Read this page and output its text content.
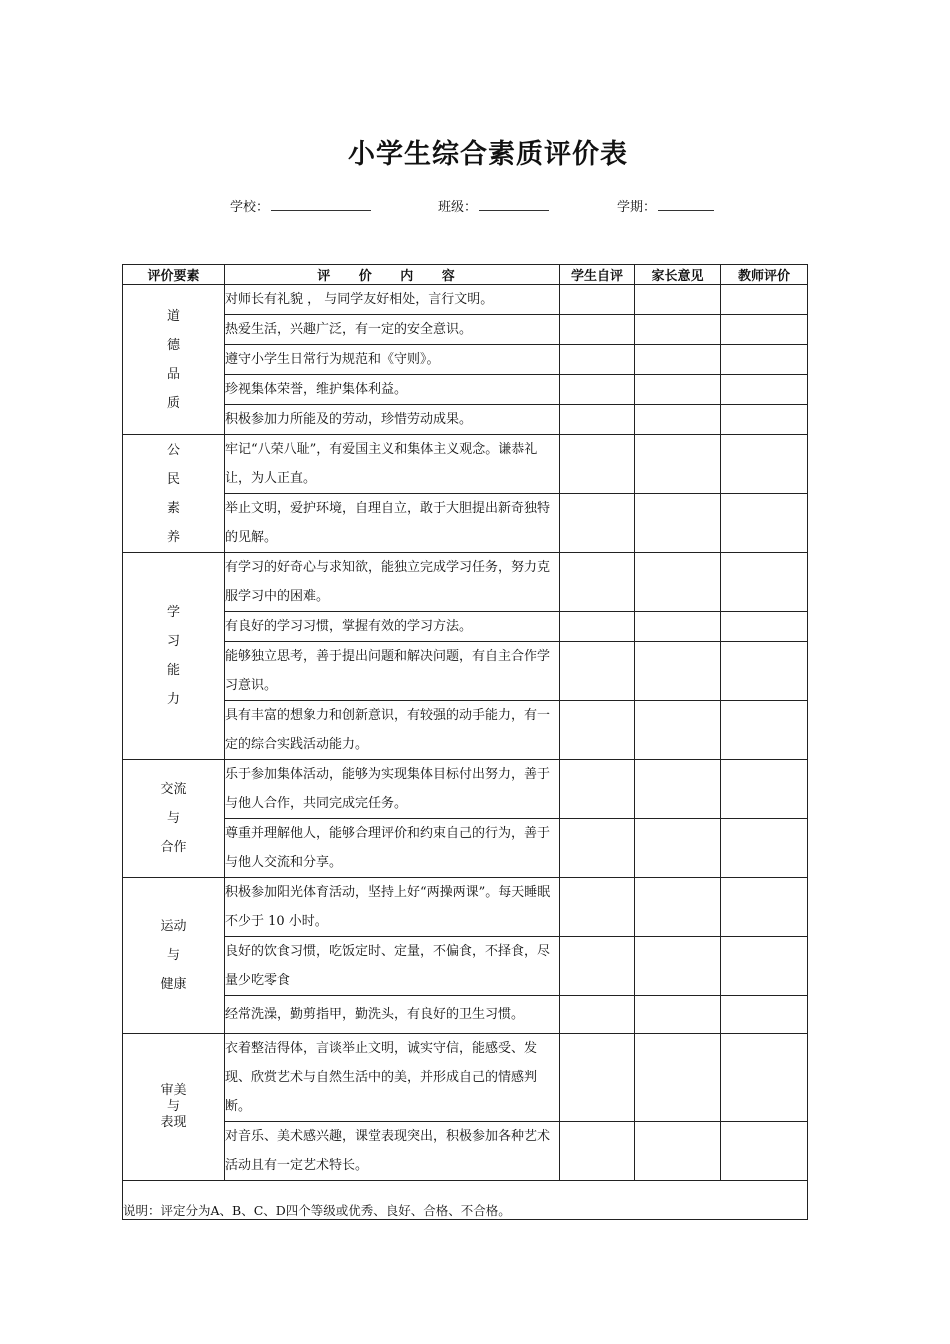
小学生综合素质评价表
学校：	班级：	学期：
评价要素	评 价 内 容	学生自评	家长意见	教师评价

道
德
品
质	对师长有礼貌 ， 与同学友好相处，言行文明。			
	热爱生活，兴趣广泛，有一定的安全意识。			
	遵守小学生日常行为规范和《守则》。			
	珍视集体荣誉，维护集体利益。			
	积极参加力所能及的劳动，珍惜劳动成果。			

公
民
素
养	牢记“八荣八耻”，有爱国主义和集体主义观念。谦恭礼让，为人正直。			
	举止文明，爱护环境，自理自立，敢于大胆提出新奇独特的见解。			

学
习
能
力	有学习的好奇心与求知欲，能独立完成学习任务，努力克服学习中的困难。			
	有良好的学习习惯，掌握有效的学习方法。			
	能够独立思考，善于提出问题和解决问题，有自主合作学习意识。			
	具有丰富的想象力和创新意识，有较强的动手能力，有一定的综合实践活动能力。			

交流
与
合作	乐于参加集体活动，能够为实现集体目标付出努力，善于与他人合作，共同完成完任务。			
	尊重并理解他人，能够合理评价和约束自己的行为，善于与他人交流和分享。			

运动
与
健康	积极参加阳光体育活动，坚持上好“两操两课”。每天睡眠不少于 10 小时。			
	良好的饮食习惯，吃饭定时、定量，不偏食，不择食，尽量少吃零食			
	经常洗澡，勤剪指甲，勤洗头，有良好的卫生习惯。			

审美
与
表现	衣着整洁得体，言谈举止文明，诚实守信，能感受、发现、欣赏艺术与自然生活中的美，并形成自己的情感判断。			
	对音乐、美术感兴趣，课堂表现突出，积极参加各种艺术活动且有一定艺术特长。			
说明：评定分为A、B、C、D四个等级或优秀、良好、合格、不合格。				
